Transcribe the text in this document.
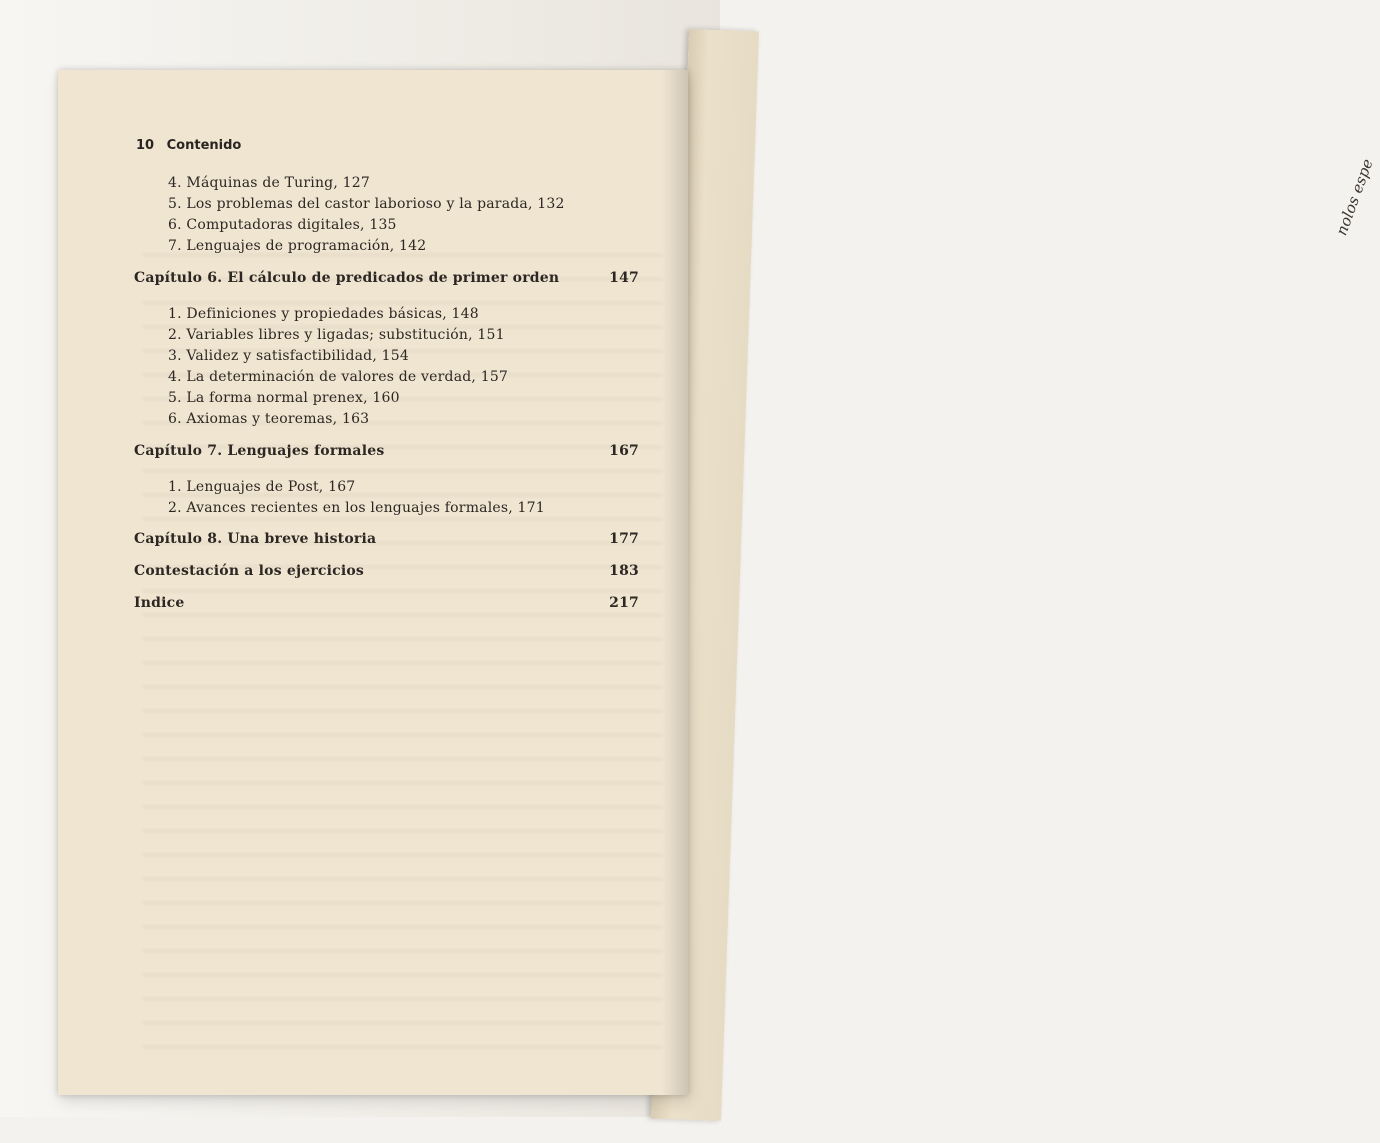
nolos espe
10 Contenido
4. Máquinas de Turing, 127
5. Los problemas del castor laborioso y la parada, 132
6. Computadoras digitales, 135
7. Lenguajes de programación, 142
Capítulo 6. El cálculo de predicados de primer orden	147
1. Definiciones y propiedades básicas, 148
2. Variables libres y ligadas; substitución, 151
3. Validez y satisfactibilidad, 154
4. La determinación de valores de verdad, 157
5. La forma normal prenex, 160
6. Axiomas y teoremas, 163
Capítulo 7. Lenguajes formales	167
1. Lenguajes de Post, 167
2. Avances recientes en los lenguajes formales, 171
Capítulo 8. Una breve historia	177
Contestación a los ejercicios	183
Indice	217
